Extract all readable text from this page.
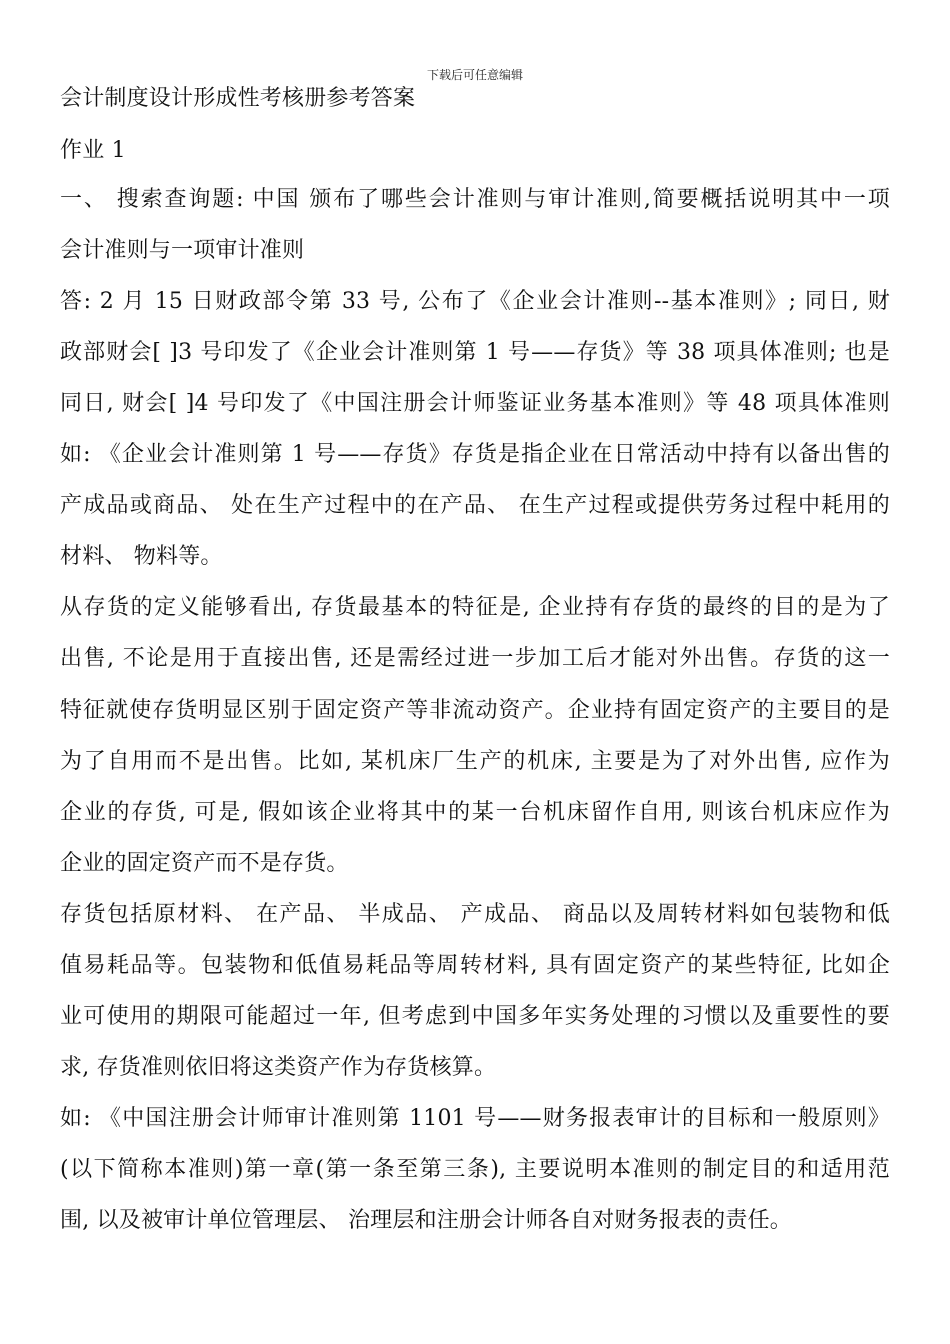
下载后可任意编辑
会计制度设计形成性考核册参考答案
作业 1
一、 搜索查询题: 中国 颁布了哪些会计准则与审计准则,简要概括说明其中一项
会计准则与一项审计准则
答: 2 月 15 日财政部令第 33 号, 公布了《企业会计准则--基本准则》; 同日, 财
政部财会[ ]3 号印发了《企业会计准则第 1 号——存货》等 38 项具体准则; 也是
同日, 财会[ ]4 号印发了《中国注册会计师鉴证业务基本准则》等 48 项具体准则
如: 《企业会计准则第 1 号——存货》存货是指企业在日常活动中持有以备出售的
产成品或商品、 处在生产过程中的在产品、 在生产过程或提供劳务过程中耗用的
材料、 物料等。
从存货的定义能够看出, 存货最基本的特征是, 企业持有存货的最终的目的是为了
出售, 不论是用于直接出售, 还是需经过进一步加工后才能对外出售。存货的这一
特征就使存货明显区别于固定资产等非流动资产。企业持有固定资产的主要目的是
为了自用而不是出售。比如, 某机床厂生产的机床, 主要是为了对外出售, 应作为
企业的存货, 可是, 假如该企业将其中的某一台机床留作自用, 则该台机床应作为
企业的固定资产而不是存货。
存货包括原材料、 在产品、 半成品、 产成品、 商品以及周转材料如包装物和低
值易耗品等。包装物和低值易耗品等周转材料, 具有固定资产的某些特征, 比如企
业可使用的期限可能超过一年, 但考虑到中国多年实务处理的习惯以及重要性的要
求, 存货准则依旧将这类资产作为存货核算。
如: 《中国注册会计师审计准则第 1101 号——财务报表审计的目标和一般原则》
(以下简称本准则)第一章(第一条至第三条), 主要说明本准则的制定目的和适用范
围, 以及被审计单位管理层、 治理层和注册会计师各自对财务报表的责任。
